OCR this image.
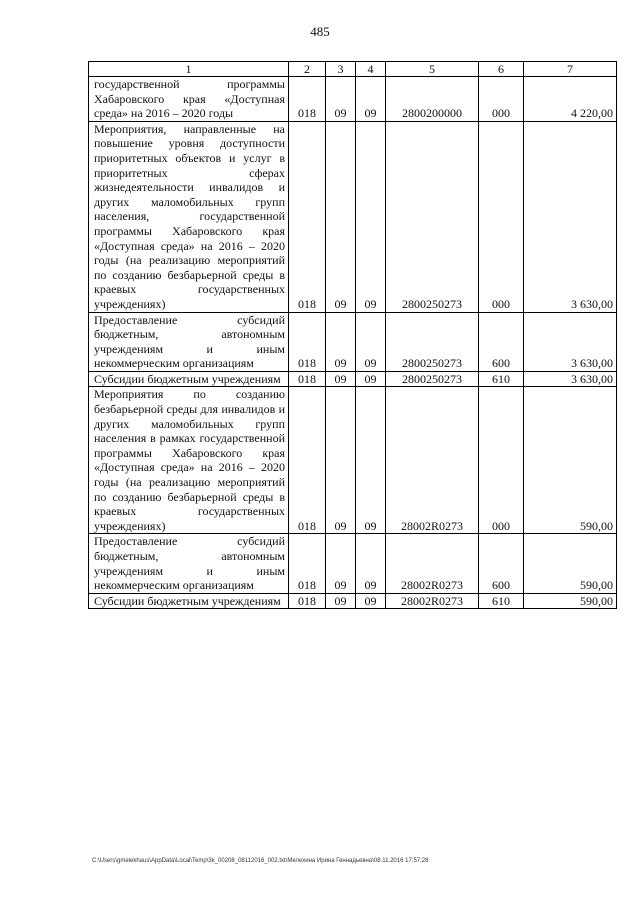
485
1	2	3	4	5	6	7
государственной программы Хабаровского края «Доступная среда» на 2016 – 2020 годы	018	09	09	2800200000	000	4 220,00
Мероприятия, направленные на повышение уровня доступности приоритетных объектов и услуг в приоритетных сферах жизнедеятельности инвалидов и других маломобильных групп населения, государственной программы Хабаровского края «Доступная среда» на 2016 – 2020 годы (на реализацию мероприятий по созданию безбарьерной среды в краевых государственных учреждениях)	018	09	09	2800250273	000	3 630,00
Предоставление субсидий бюджетным, автономным учреждениям и иным некоммерческим организациям	018	09	09	2800250273	600	3 630,00
Субсидии бюджетным учреждениям	018	09	09	2800250273	610	3 630,00
Мероприятия по созданию безбарьерной среды для инвалидов и других маломобильных групп населения в рамках государственной программы Хабаровского края «Доступная среда» на 2016 – 2020 годы (на реализацию мероприятий по созданию безбарьерной среды в краевых государственных учреждениях)	018	09	09	28002R0273	000	590,00
Предоставление субсидий бюджетным, автономным учреждениям и иным некоммерческим организациям	018	09	09	28002R0273	600	590,00
Субсидии бюджетным учреждениям	018	09	09	28002R0273	610	590,00
C:\Users\gmelekhaus\AppData\Local\Temp\3k_00208_08112016_002.txt\Мелехина Ирина Геннадьевна\08.11.2016 17:57:28
